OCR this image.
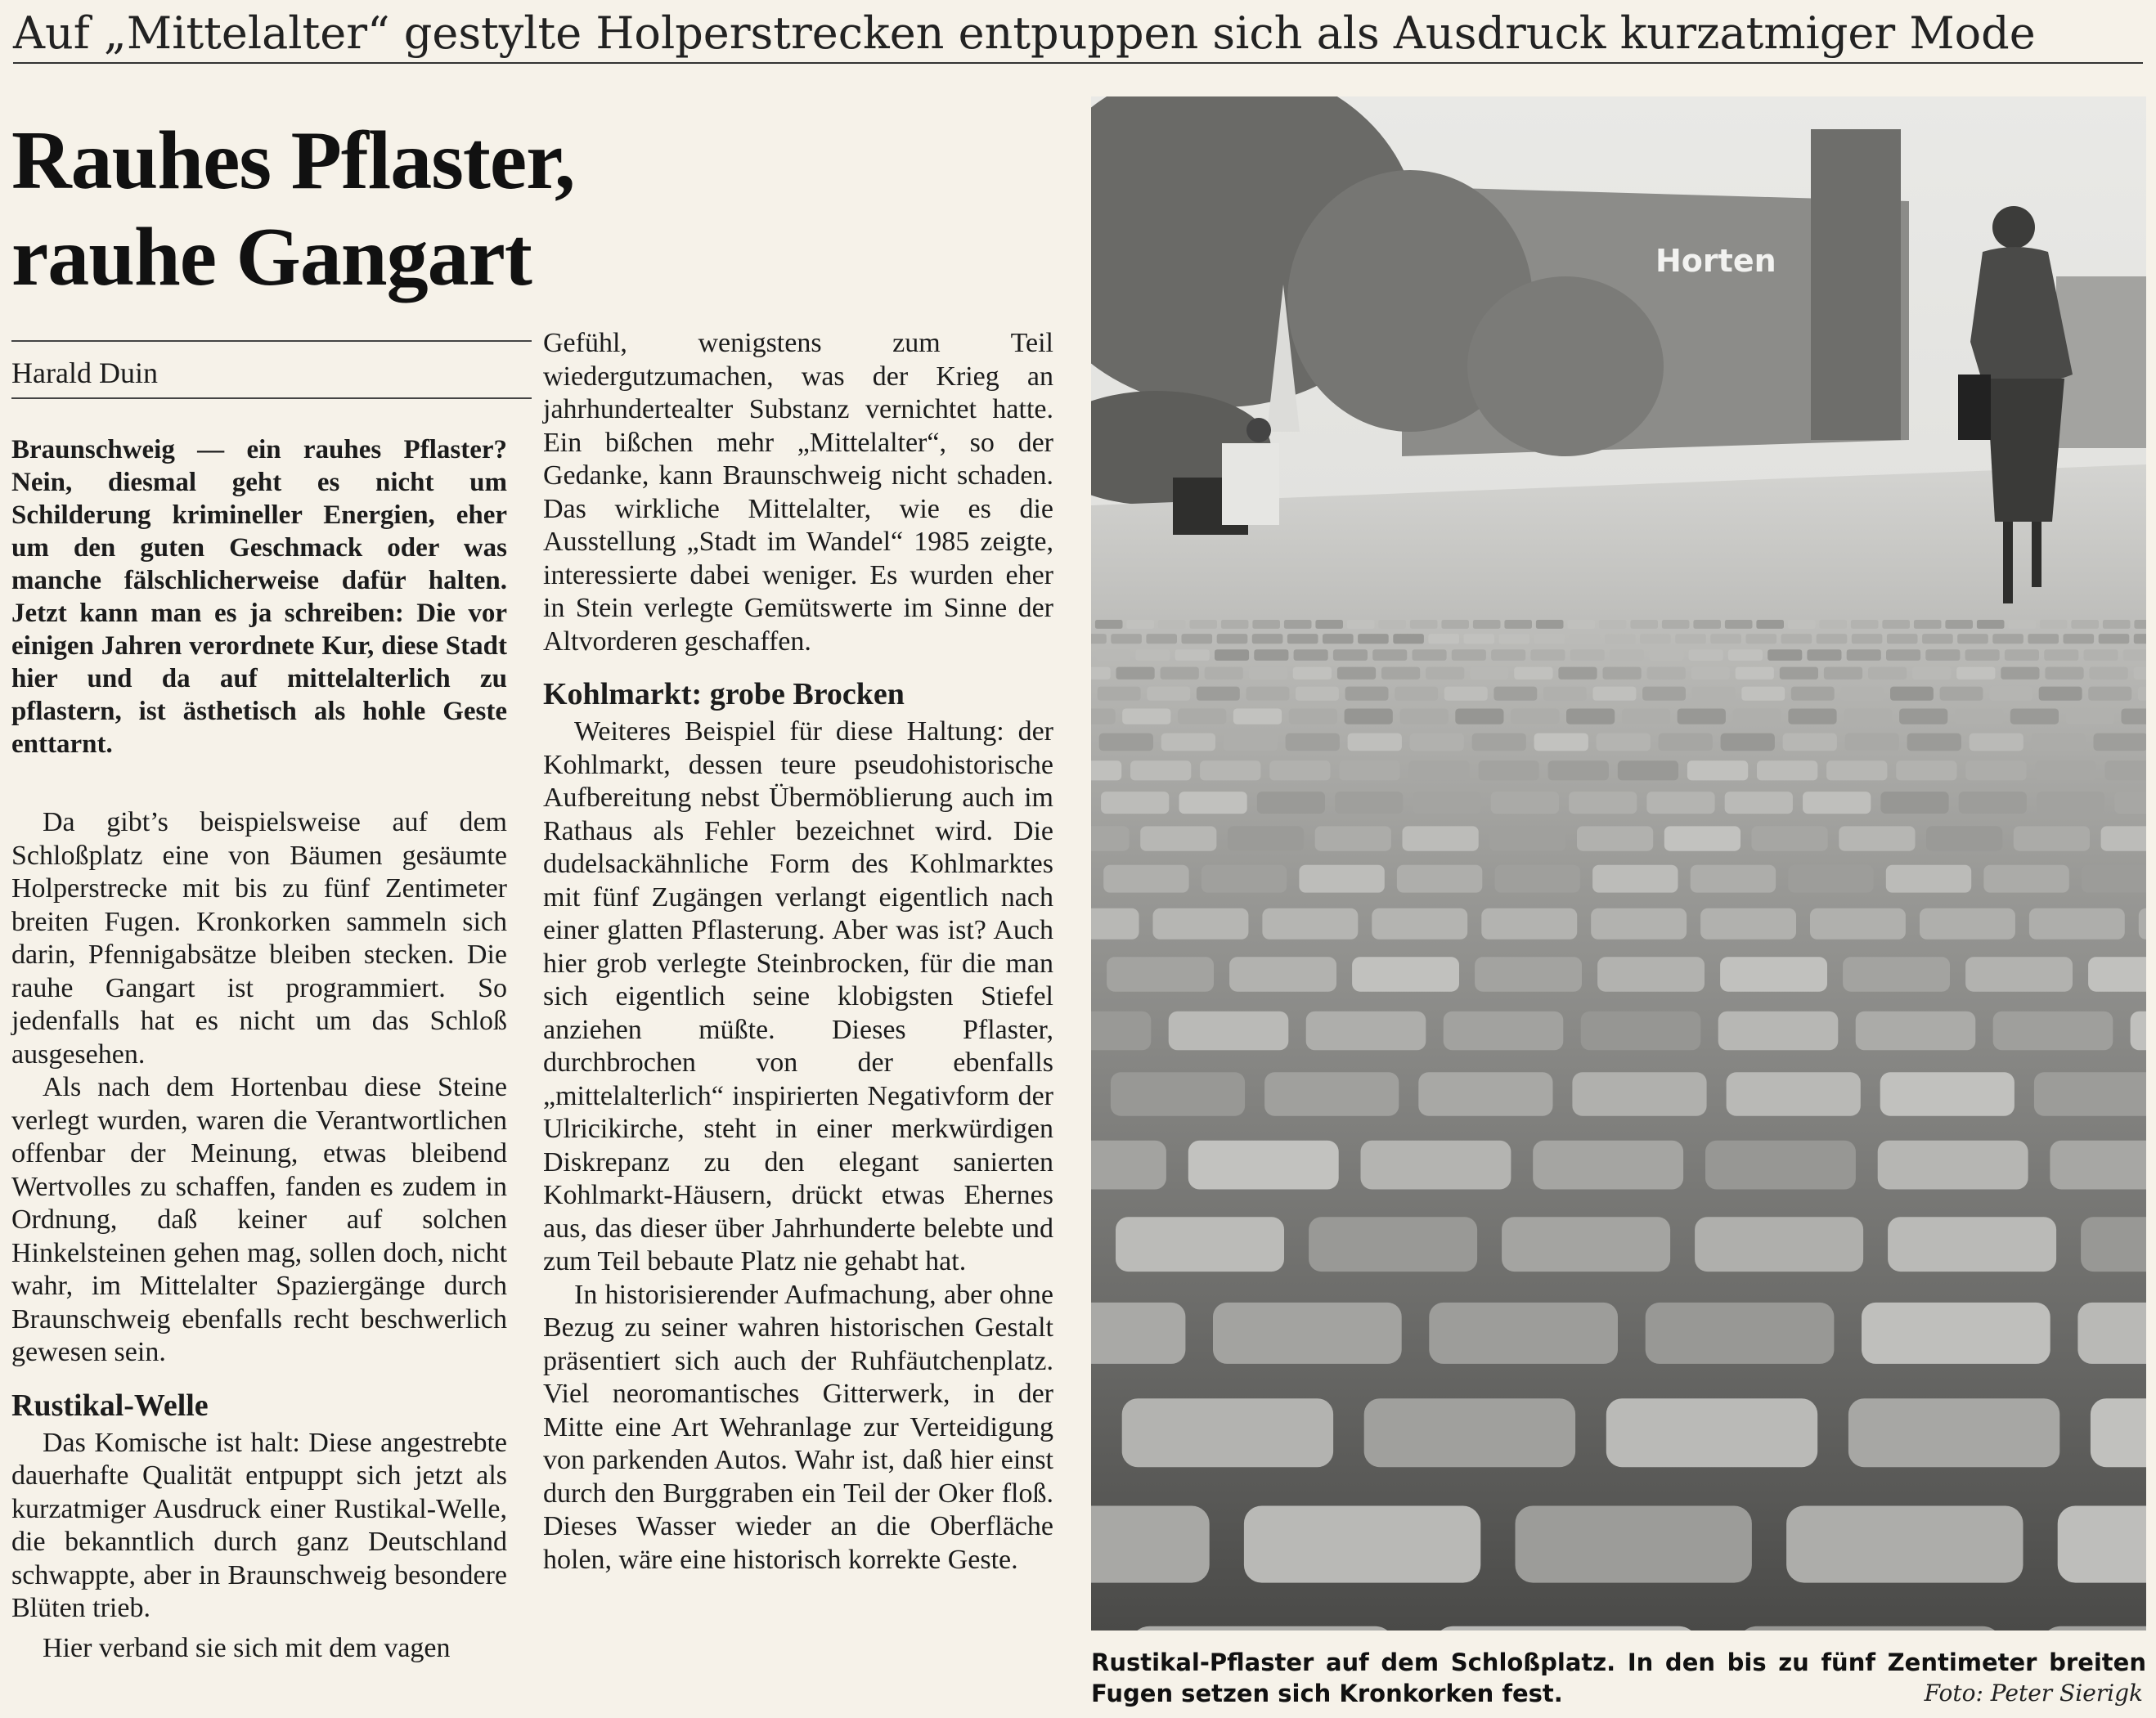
Auf „Mittelalter“ gestylte Holperstrecken entpuppen sich als Ausdruck kurzatmiger Mode
Rauhes Pflaster,
rauhe Gangart
Harald Duin

Braunschweig — ein rauhes Pflaster? Nein, diesmal geht es nicht um Schilderung krimineller Energien, eher um den guten Geschmack oder was manche fälschlicherweise dafür halten. Jetzt kann man es ja schreiben: Die vor einigen Jahren verordnete Kur, diese Stadt hier und da auf mittelalterlich zu pflastern, ist ästhetisch als hohle Geste enttarnt.

Da gibt’s beispielsweise auf dem Schloßplatz eine von Bäumen gesäumte Holperstrecke mit bis zu fünf Zentimeter breiten Fugen. Kronkorken sammeln sich darin, Pfennigabsätze bleiben stecken. Die rauhe Gangart ist programmiert. So jedenfalls hat es nicht um das Schloß ausgesehen.

Als nach dem Hortenbau diese Steine verlegt wurden, waren die Verantwortlichen offenbar der Meinung, etwas bleibend Wertvolles zu schaffen, fanden es zudem in Ordnung, daß keiner auf solchen Hinkelsteinen gehen mag, sollen doch, nicht wahr, im Mittelalter Spaziergänge durch Braunschweig ebenfalls recht beschwerlich gewesen sein.

Rustikal-Welle

Das Komische ist halt: Diese angestrebte dauerhafte Qualität entpuppt sich jetzt als kurzatmiger Ausdruck einer Rustikal-Welle, die bekanntlich durch ganz Deutschland schwappte, aber in Braunschweig besondere Blüten trieb.

Hier verband sie sich mit dem vagen

Gefühl, wenigstens zum Teil wiedergutzumachen, was der Krieg an jahrhundertealter Substanz vernichtet hatte. Ein bißchen mehr „Mittelalter“, so der Gedanke, kann Braunschweig nicht schaden. Das wirkliche Mittelalter, wie es die Ausstellung „Stadt im Wandel“ 1985 zeigte, interessierte dabei weniger. Es wurden eher in Stein verlegte Gemütswerte im Sinne der Altvorderen geschaffen.

Kohlmarkt: grobe Brocken

Weiteres Beispiel für diese Haltung: der Kohlmarkt, dessen teure pseudohistorische Aufbereitung nebst Übermöblierung auch im Rathaus als Fehler bezeichnet wird. Die dudelsackähnliche Form des Kohlmarktes mit fünf Zugängen verlangt eigentlich nach einer glatten Pflasterung. Aber was ist? Auch hier grob verlegte Steinbrocken, für die man sich eigentlich seine klobigsten Stiefel anziehen müßte. Dieses Pflaster, durchbrochen von der ebenfalls „mittelalterlich“ inspirierten Negativform der Ulricikirche, steht in einer merkwürdigen Diskrepanz zu den elegant sanierten Kohlmarkt-Häusern, drückt etwas Ehernes aus, das dieser über Jahrhunderte belebte und zum Teil bebaute Platz nie gehabt hat.

In historisierender Aufmachung, aber ohne Bezug zu seiner wahren historischen Gestalt präsentiert sich auch der Ruhfäutchenplatz. Viel neoromantisches Gitterwerk, in der Mitte eine Art Wehranlage zur Verteidigung von parkenden Autos. Wahr ist, daß hier einst durch den Burggraben ein Teil der Oker floß. Dieses Wasser wieder an die Oberfläche holen, wäre eine historisch korrekte Geste.

Horten
Rustikal-Pflaster auf dem Schloßplatz. In den bis zu fünf Zentimeter breiten Fugen setzen sich Kronkorken fest.	Foto: Peter Sierigk
